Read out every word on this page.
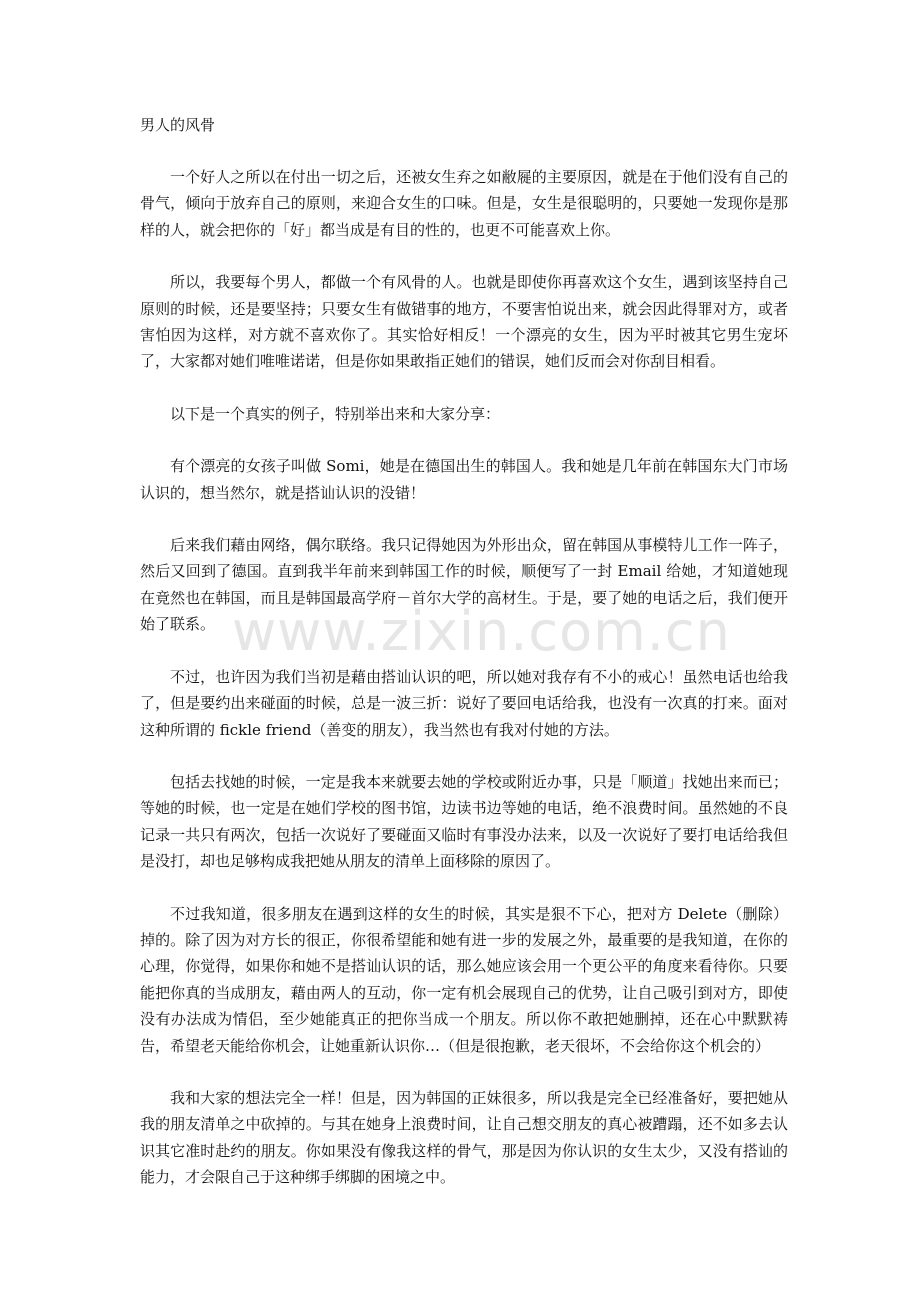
www.zixin.com.cn
男人的风骨

一个好人之所以在付出一切之后，还被女生弃之如敝屣的主要原因，就是在于他们没有自己的骨气，倾向于放弃自己的原则，来迎合女生的口味。但是，女生是很聪明的，只要她一发现你是那样的人，就会把你的「好」都当成是有目的性的，也更不可能喜欢上你。

所以，我要每个男人，都做一个有风骨的人。也就是即使你再喜欢这个女生，遇到该坚持自己原则的时候，还是要坚持；只要女生有做错事的地方，不要害怕说出来，就会因此得罪对方，或者害怕因为这样，对方就不喜欢你了。其实恰好相反！一个漂亮的女生，因为平时被其它男生宠坏了，大家都对她们唯唯诺诺，但是你如果敢指正她们的错误，她们反而会对你刮目相看。

以下是一个真实的例子，特别举出来和大家分享：

有个漂亮的女孩子叫做 Somi，她是在德国出生的韩国人。我和她是几年前在韩国东大门市场认识的，想当然尔，就是搭讪认识的没错！

后来我们藉由网络，偶尔联络。我只记得她因为外形出众，留在韩国从事模特儿工作一阵子，然后又回到了德国。直到我半年前来到韩国工作的时候，顺便写了一封 Email 给她，才知道她现在竟然也在韩国，而且是韩国最高学府－首尔大学的高材生。于是，要了她的电话之后，我们便开始了联系。

不过，也许因为我们当初是藉由搭讪认识的吧，所以她对我存有不小的戒心！虽然电话也给我了，但是要约出来碰面的时候，总是一波三折：说好了要回电话给我，也没有一次真的打来。面对这种所谓的 fickle friend（善变的朋友），我当然也有我对付她的方法。

包括去找她的时候，一定是我本来就要去她的学校或附近办事，只是「顺道」找她出来而已；等她的时候，也一定是在她们学校的图书馆，边读书边等她的电话，绝不浪费时间。虽然她的不良记录一共只有两次，包括一次说好了要碰面又临时有事没办法来，以及一次说好了要打电话给我但是没打，却也足够构成我把她从朋友的清单上面移除的原因了。

不过我知道，很多朋友在遇到这样的女生的时候，其实是狠不下心，把对方 Delete（删除）掉的。除了因为对方长的很正，你很希望能和她有进一步的发展之外，最重要的是我知道，在你的心理，你觉得，如果你和她不是搭讪认识的话，那么她应该会用一个更公平的角度来看待你。只要能把你真的当成朋友，藉由两人的互动，你一定有机会展现自己的优势，让自己吸引到对方，即使没有办法成为情侣，至少她能真正的把你当成一个朋友。所以你不敢把她删掉，还在心中默默祷告，希望老天能给你机会，让她重新认识你…（但是很抱歉，老天很坏，不会给你这个机会的）

我和大家的想法完全一样！但是，因为韩国的正妹很多，所以我是完全已经准备好，要把她从我的朋友清单之中砍掉的。与其在她身上浪费时间，让自己想交朋友的真心被蹧蹋，还不如多去认识其它准时赴约的朋友。你如果没有像我这样的骨气，那是因为你认识的女生太少，又没有搭讪的能力，才会限自己于这种绑手绑脚的困境之中。
